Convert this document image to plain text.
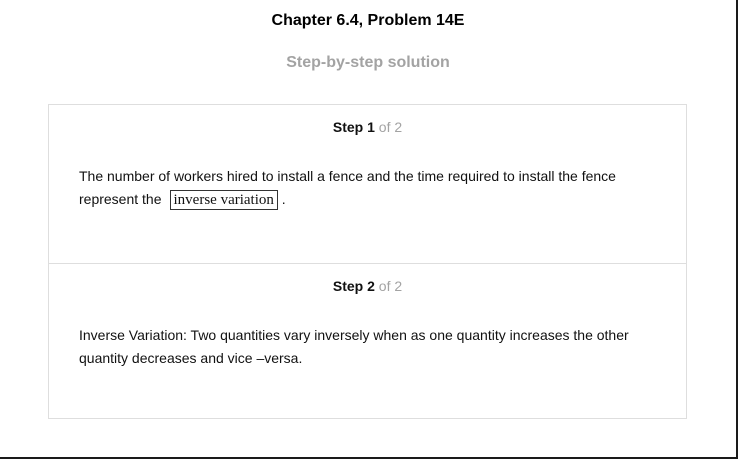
Chapter 6.4, Problem 14E
Step-by-step solution
Step 1 of 2
The number of workers hired to install a fence and the time required to install the fence
represent the inverse variation .
Step 2 of 2
Inverse Variation: Two quantities vary inversely when as one quantity increases the other
quantity decreases and vice –versa.
